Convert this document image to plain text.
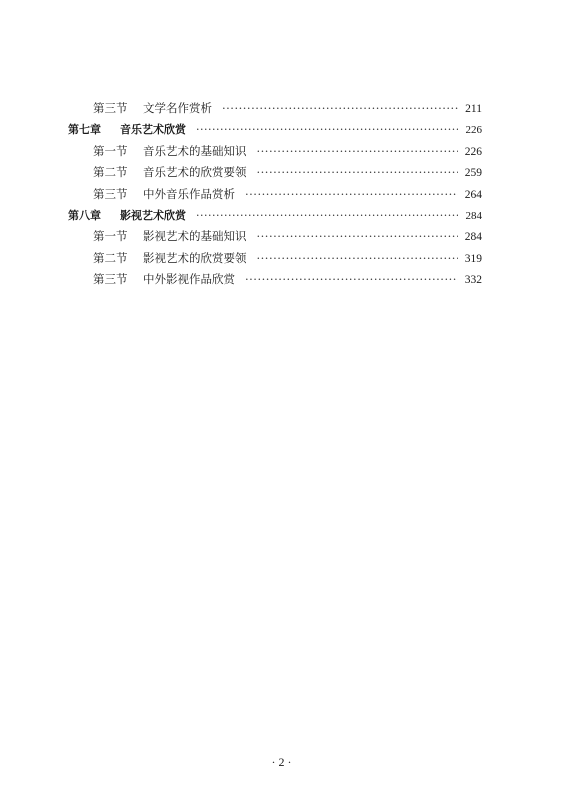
第三节	文学名作赏析 ·····	211
第七章	音乐艺术欣赏 ·····	226
第一节	音乐艺术的基础知识 ·····	226
第二节	音乐艺术的欣赏要领 ·····	259
第三节	中外音乐作品赏析 ·····	264
第八章	影视艺术欣赏 ·····	284
第一节	影视艺术的基础知识 ·····	284
第二节	影视艺术的欣赏要领 ·····	319
第三节	中外影视作品欣赏 ·····	332
· 2 ·
